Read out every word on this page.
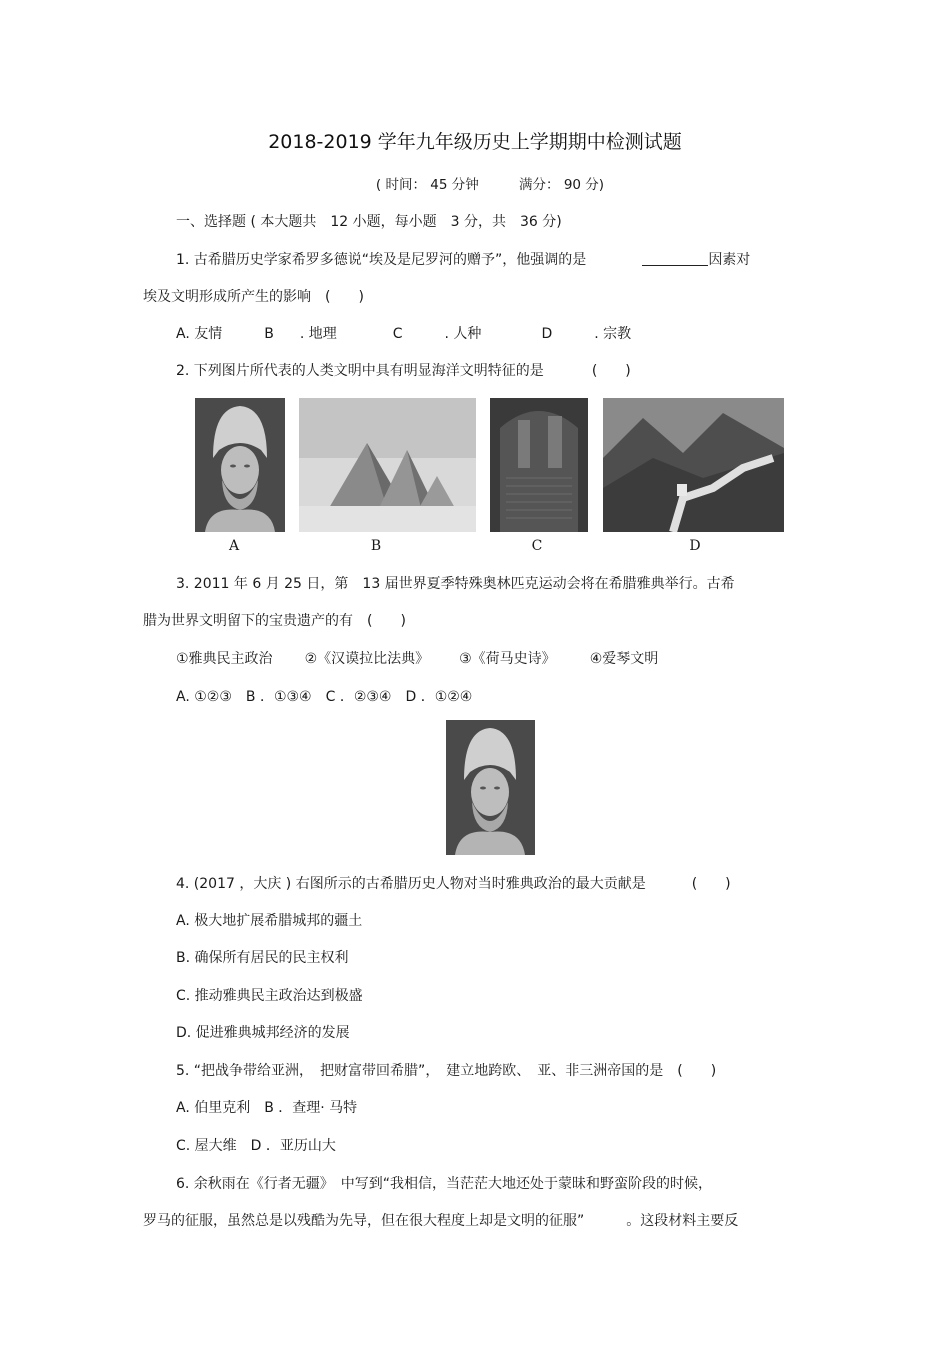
2018-2019 学年九年级历史上学期期中检测试题
( 时间： 45 分钟	满分： 90 分)
一、选择题 ( 本大题共　12 小题，每小题　3 分，共　36 分)
1. 古希腊历史学家希罗多德说“埃及是尼罗河的赠予”，他强调的是	因素对
埃及文明形成所产生的影响　(　　)
A. 友情	B . 地理	C	. 人种	D	. 宗教
2. 下列图片所代表的人类文明中具有明显海洋文明特征的是	(　　)
A	B	C	D
3. 2011 年 6 月 25 日，第　13 届世界夏季特殊奥林匹克运动会将在希腊雅典举行。古希
腊为世界文明留下的宝贵遗产的有　(　　)
①雅典民主政治 ②《汉谟拉比法典》 ③《荷马史诗》 ④爱琴文明
A. ①②③　B ．①③④　C ．②③④　D ．①②④
4. (2017 ，大庆 ) 右图所示的古希腊历史人物对当时雅典政治的最大贡献是	(　　)
A. 极大地扩展希腊城邦的疆土
B. 确保所有居民的民主权利
C. 推动雅典民主政治达到极盛
D. 促进雅典城邦经济的发展
5. “把战争带给亚洲，　把财富带回希腊”，　建立地跨欧、　亚、非三洲帝国的是　(　　)
A. 伯里克利　B ．查理· 马特
C. 屋大维　D ．亚历山大
6. 余秋雨在《行者无疆》　中写到“我相信，当茫茫大地还处于蒙昧和野蛮阶段的时候，
罗马的征服，虽然总是以残酷为先导，但在很大程度上却是文明的征服”　　　。这段材料主要反
